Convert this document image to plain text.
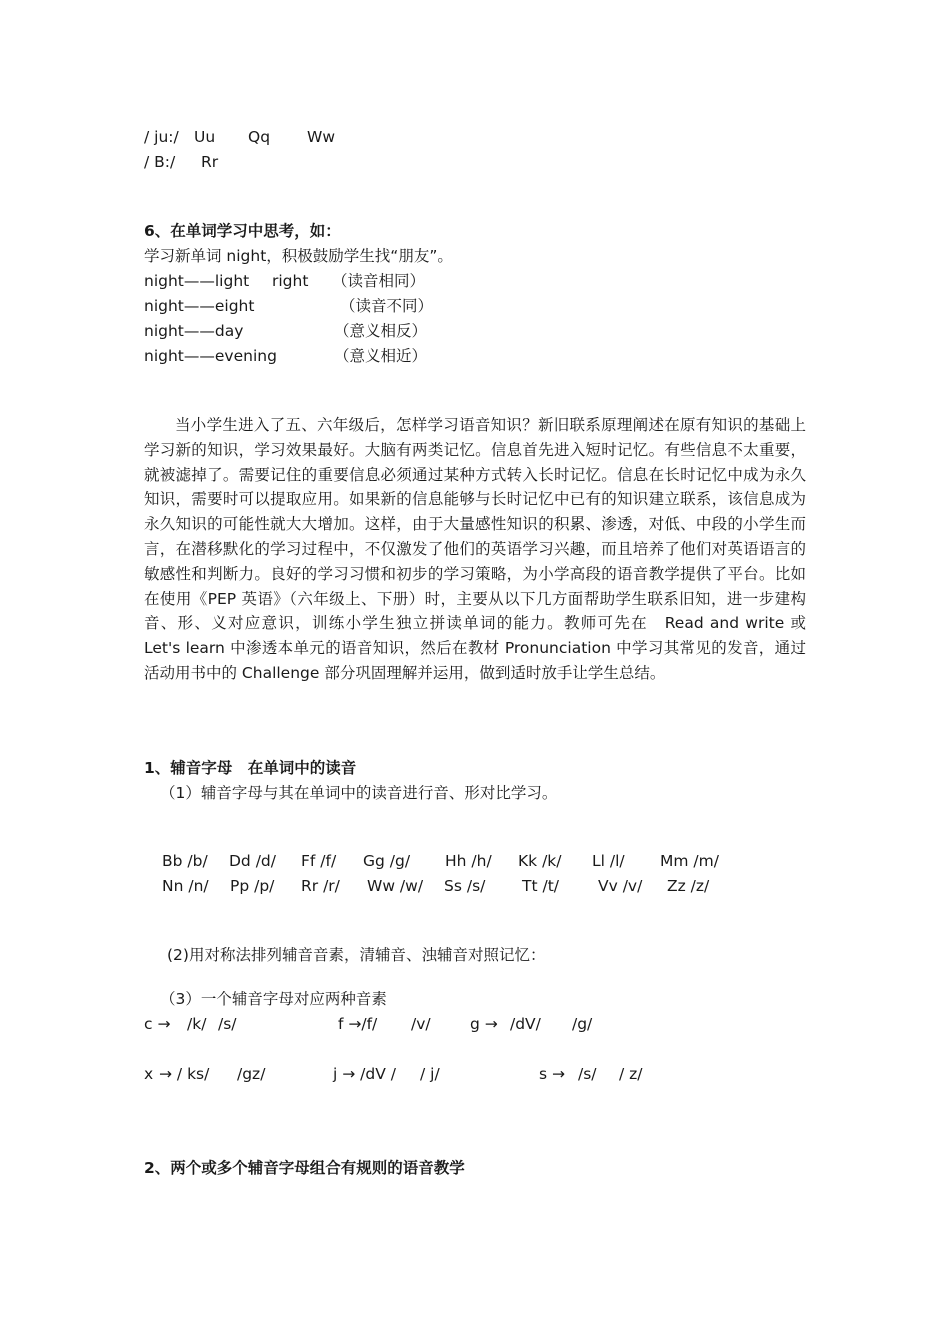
/ ju:/ Uu Qq Ww
/ B:/ Rr
6、在单词学习中思考，如：
学习新单词 night，积极鼓励学生找“朋友”。
night——light right （读音相同）
night——eight	（读音不同）
night——day	（意义相反）
night——evening	（意义相近）

当小学生进入了五、六年级后，怎样学习语音知识？新旧联系原理阐述在原有知识的基础上学习新的知识，学习效果最好。大脑有两类记忆。信息首先进入短时记忆。有些信息不太重要，就被滤掉了。需要记住的重要信息必须通过某种方式转入长时记忆。信息在长时记忆中成为永久知识，需要时可以提取应用。如果新的信息能够与长时记忆中已有的知识建立联系，该信息成为永久知识的可能性就大大增加。这样，由于大量感性知识的积累、渗透，对低、中段的小学生而言，在潜移默化的学习过程中，不仅激发了他们的英语学习兴趣，而且培养了他们对英语语言的敏感性和判断力。良好的学习习惯和初步的学习策略，为小学高段的语音教学提供了平台。比如在使用《PEP 英语》（六年级上、下册）时，主要从以下几方面帮助学生联系旧知，进一步建构音、形、义对应意识，训练小学生独立拼读单词的能力。教师可先在　Read and write 或　Let's learn 中渗透本单元的语音知识，然后在教材 Pronunciation 中学习其常见的发音，通过活动用书中的 Challenge 部分巩固理解并运用，做到适时放手让学生总结。

1、辅音字母　在单词中的读音
（1）辅音字母与其在单词中的读音进行音、形对比学习。
Bb /b/ Dd /d/ Ff /f/ Gg /g/ Hh /h/ Kk /k/ Ll /l/ Mm /m/
Nn /n/ Pp /p/ Rr /r/ Ww /w/ Ss /s/ Tt /t/	Vv /v/ Zz /z/
(2)用对称法排列辅音音素，清辅音、浊辅音对照记忆：
（3）一个辅音字母对应两种音素
c → /k/ /s/	f →/f/ /v/	g → /dV/ /g/
x → / ks/ /gz/	j → /dV / / j/	s → /s/ / z/
2、两个或多个辅音字母组合有规则的语音教学
